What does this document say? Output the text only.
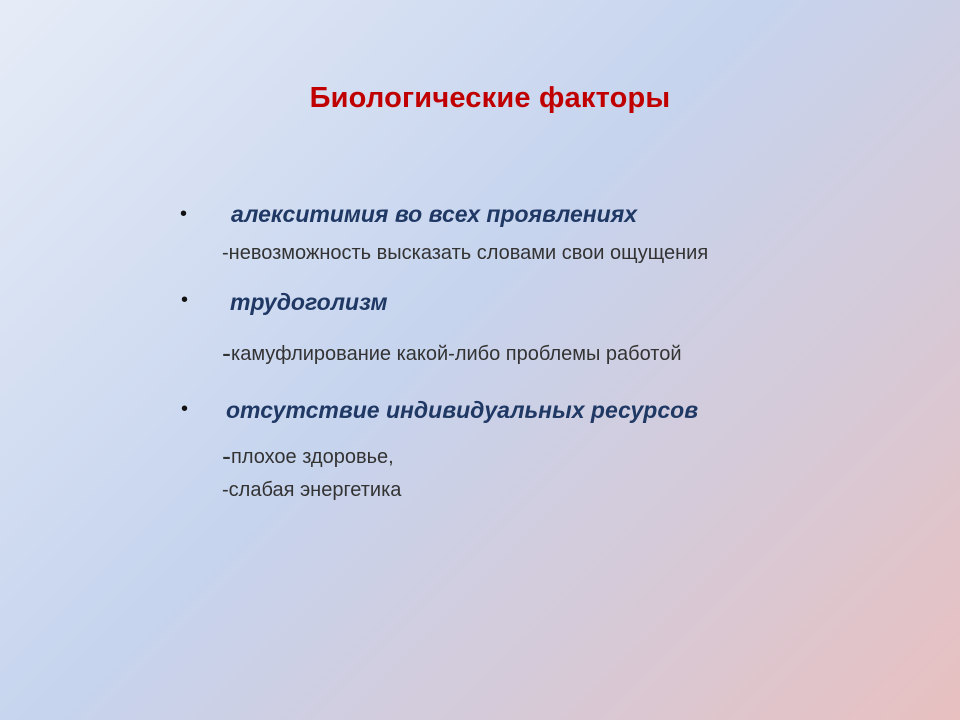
Биологические факторы
• алекситимия во всех проявлениях
-невозможность высказать словами свои ощущения
• трудоголизм
-камуфлирование какой-либо проблемы работой
• отсутствие индивидуальных ресурсов
-плохое здоровье,
-слабая энергетика
